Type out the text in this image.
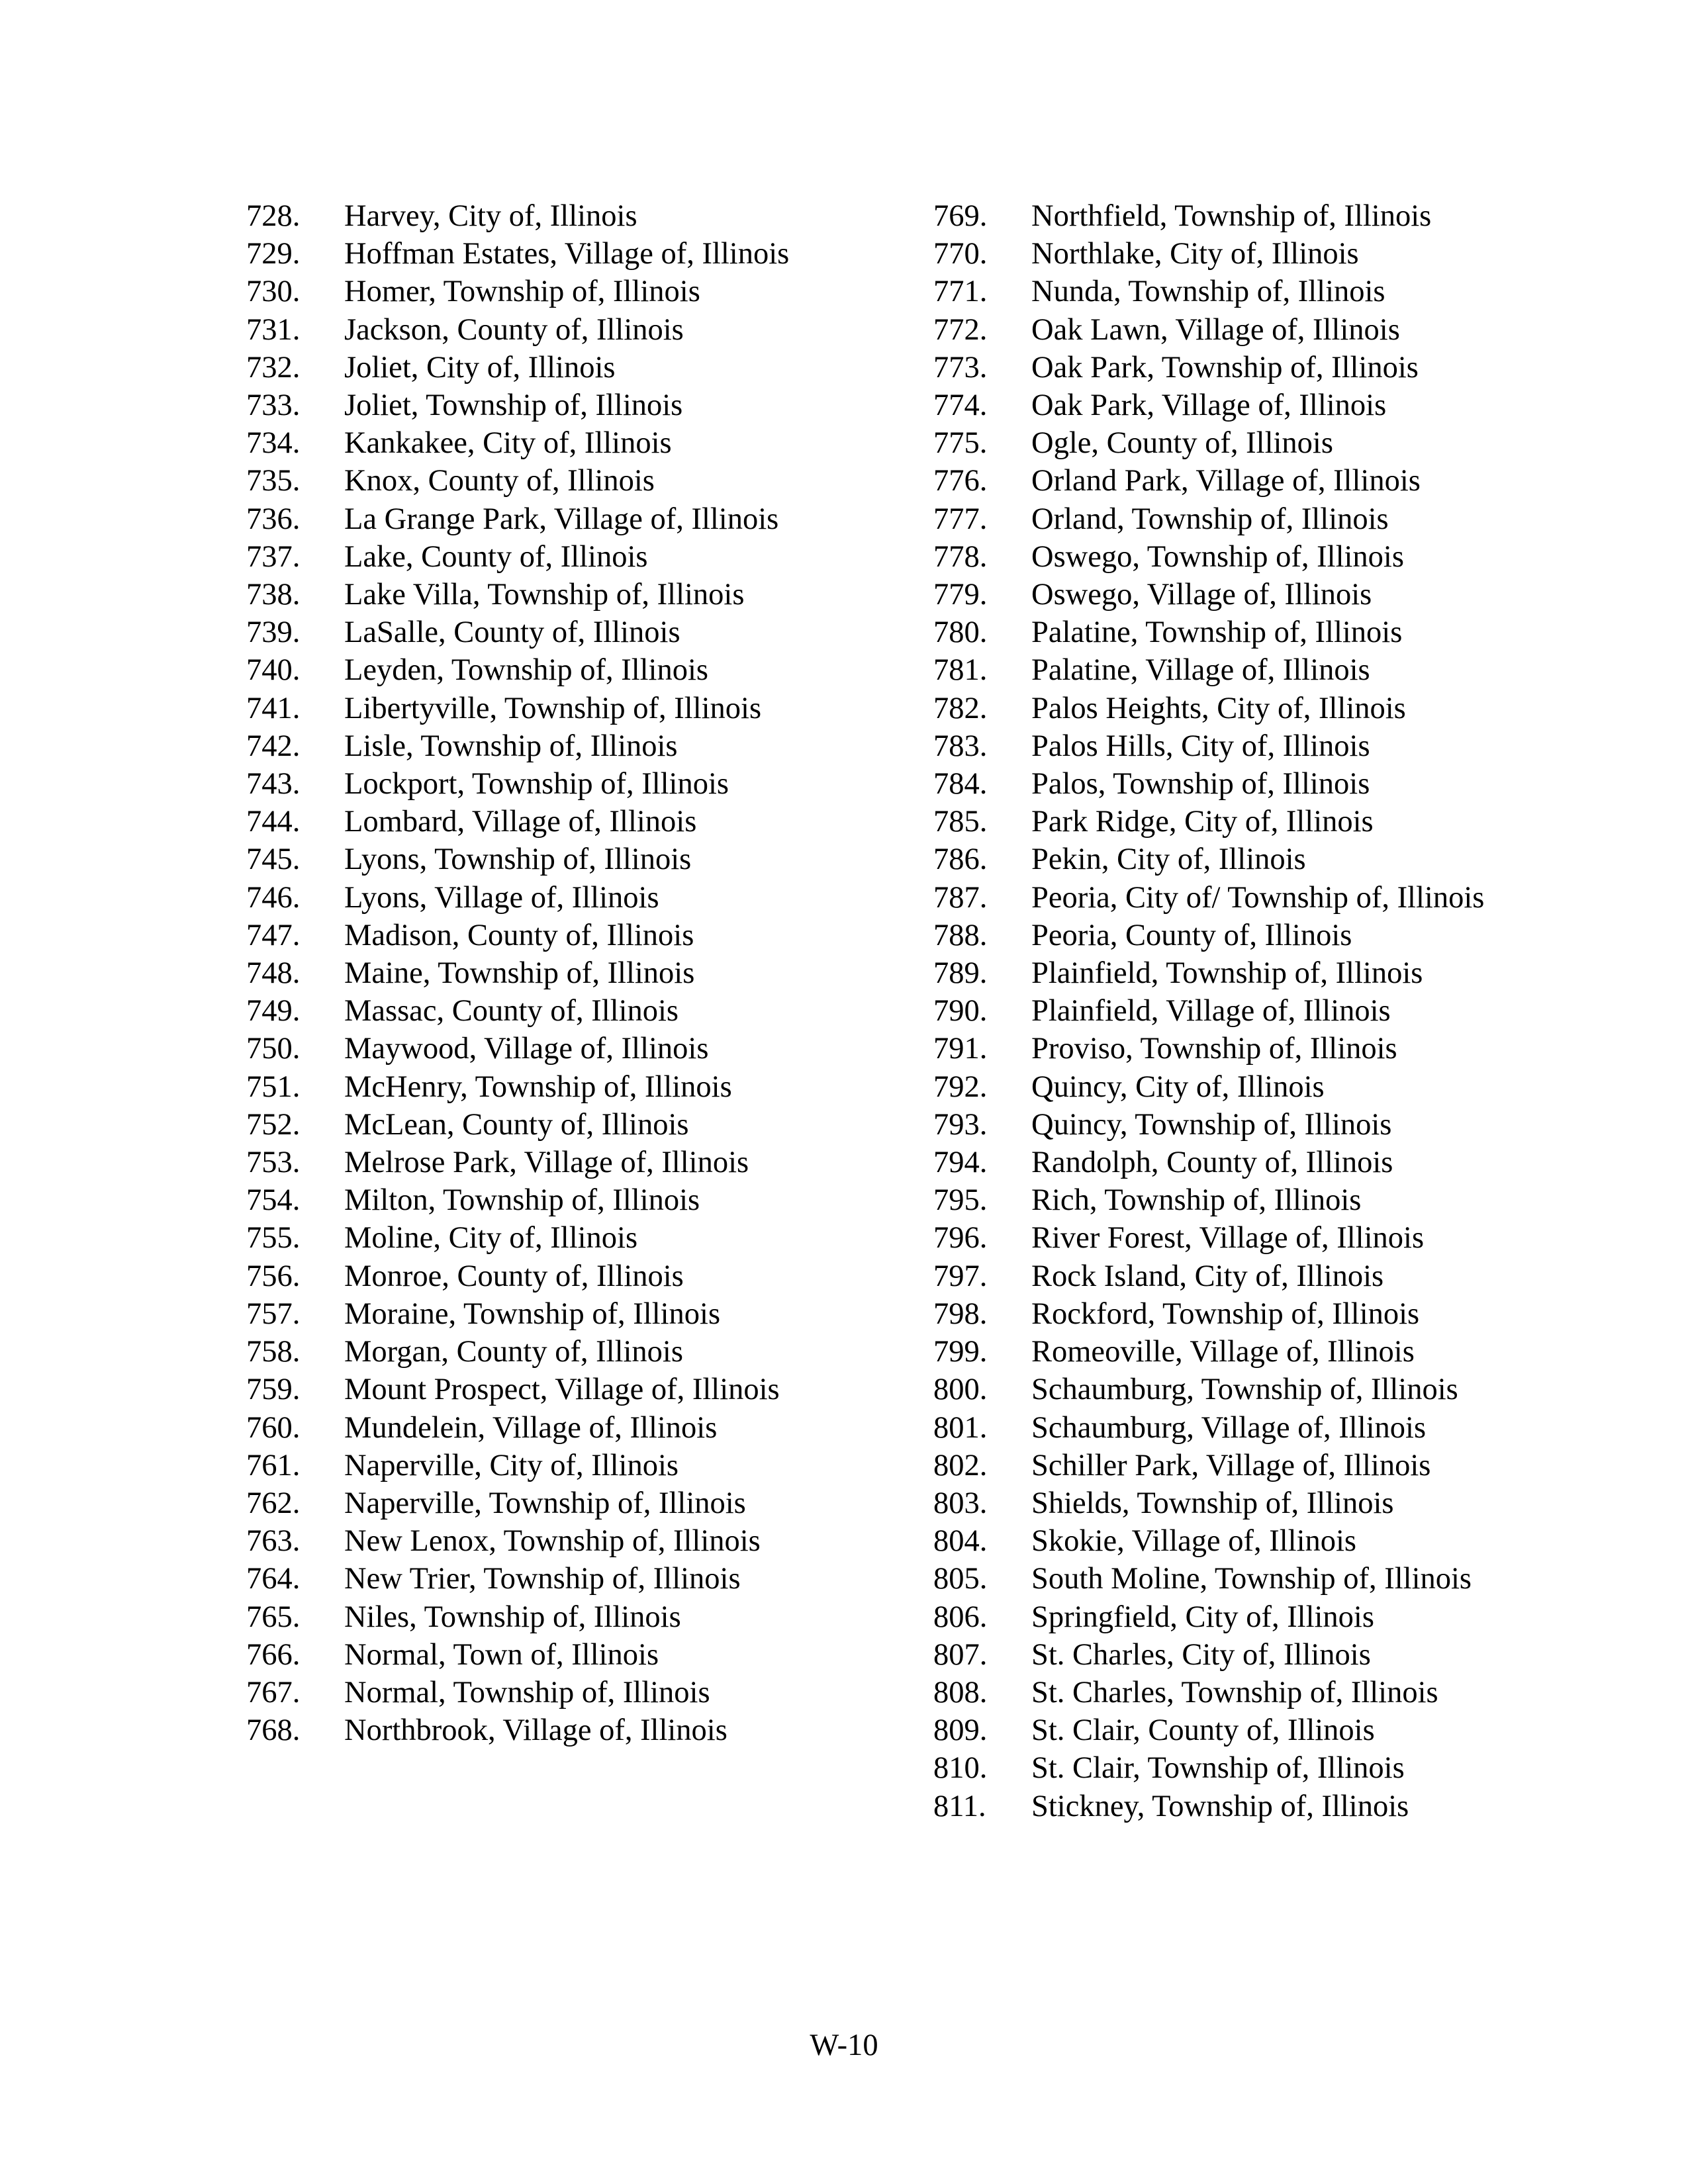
728.	Harvey, City of, Illinois
729.	Hoffman Estates, Village of, Illinois
730.	Homer, Township of, Illinois
731.	Jackson, County of, Illinois
732.	Joliet, City of, Illinois
733.	Joliet, Township of, Illinois
734.	Kankakee, City of, Illinois
735.	Knox, County of, Illinois
736.	La Grange Park, Village of, Illinois
737.	Lake, County of, Illinois
738.	Lake Villa, Township of, Illinois
739.	LaSalle, County of, Illinois
740.	Leyden, Township of, Illinois
741.	Libertyville, Township of, Illinois
742.	Lisle, Township of, Illinois
743.	Lockport, Township of, Illinois
744.	Lombard, Village of, Illinois
745.	Lyons, Township of, Illinois
746.	Lyons, Village of, Illinois
747.	Madison, County of, Illinois
748.	Maine, Township of, Illinois
749.	Massac, County of, Illinois
750.	Maywood, Village of, Illinois
751.	McHenry, Township of, Illinois
752.	McLean, County of, Illinois
753.	Melrose Park, Village of, Illinois
754.	Milton, Township of, Illinois
755.	Moline, City of, Illinois
756.	Monroe, County of, Illinois
757.	Moraine, Township of, Illinois
758.	Morgan, County of, Illinois
759.	Mount Prospect, Village of, Illinois
760.	Mundelein, Village of, Illinois
761.	Naperville, City of, Illinois
762.	Naperville, Township of, Illinois
763.	New Lenox, Township of, Illinois
764.	New Trier, Township of, Illinois
765.	Niles, Township of, Illinois
766.	Normal, Town of, Illinois
767.	Normal, Township of, Illinois
768.	Northbrook, Village of, Illinois
769.	Northfield, Township of, Illinois
770.	Northlake, City of, Illinois
771.	Nunda, Township of, Illinois
772.	Oak Lawn, Village of, Illinois
773.	Oak Park, Township of, Illinois
774.	Oak Park, Village of, Illinois
775.	Ogle, County of, Illinois
776.	Orland Park, Village of, Illinois
777.	Orland, Township of, Illinois
778.	Oswego, Township of, Illinois
779.	Oswego, Village of, Illinois
780.	Palatine, Township of, Illinois
781.	Palatine, Village of, Illinois
782.	Palos Heights, City of, Illinois
783.	Palos Hills, City of, Illinois
784.	Palos, Township of, Illinois
785.	Park Ridge, City of, Illinois
786.	Pekin, City of, Illinois
787.	Peoria, City of/ Township of, Illinois
788.	Peoria, County of, Illinois
789.	Plainfield, Township of, Illinois
790.	Plainfield, Village of, Illinois
791.	Proviso, Township of, Illinois
792.	Quincy, City of, Illinois
793.	Quincy, Township of, Illinois
794.	Randolph, County of, Illinois
795.	Rich, Township of, Illinois
796.	River Forest, Village of, Illinois
797.	Rock Island, City of, Illinois
798.	Rockford, Township of, Illinois
799.	Romeoville, Village of, Illinois
800.	Schaumburg, Township of, Illinois
801.	Schaumburg, Village of, Illinois
802.	Schiller Park, Village of, Illinois
803.	Shields, Township of, Illinois
804.	Skokie, Village of, Illinois
805.	South Moline, Township of, Illinois
806.	Springfield, City of, Illinois
807.	St. Charles, City of, Illinois
808.	St. Charles, Township of, Illinois
809.	St. Clair, County of, Illinois
810.	St. Clair, Township of, Illinois
811.	Stickney, Township of, Illinois
W-10
